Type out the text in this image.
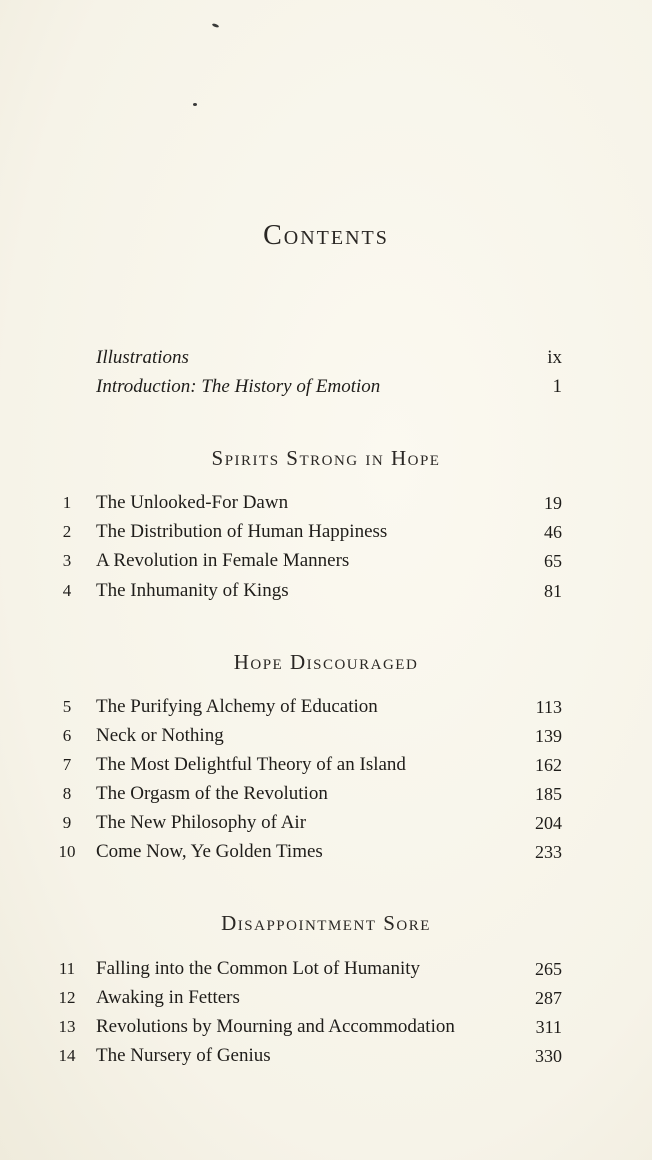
Contents
Illustrations	ix
Introduction: The History of Emotion	1
Spirits Strong in Hope
1	The Unlooked-For Dawn	19
2	The Distribution of Human Happiness	46
3	A Revolution in Female Manners	65
4	The Inhumanity of Kings	81
Hope Discouraged
5	The Purifying Alchemy of Education	113
6	Neck or Nothing	139
7	The Most Delightful Theory of an Island	162
8	The Orgasm of the Revolution	185
9	The New Philosophy of Air	204
10	Come Now, Ye Golden Times	233
Disappointment Sore
11	Falling into the Common Lot of Humanity	265
12	Awaking in Fetters	287
13	Revolutions by Mourning and Accommodation	311
14	The Nursery of Genius	330
